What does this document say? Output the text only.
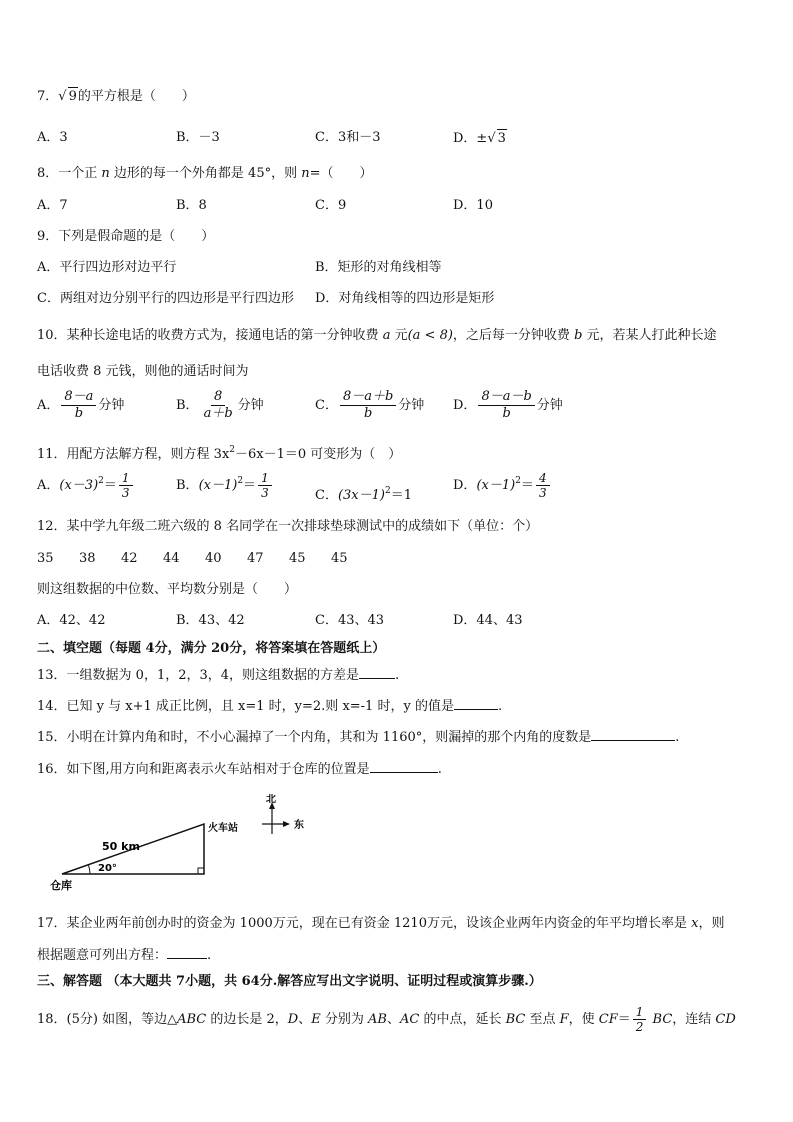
7．√ 9的平方根是（　　）
A．3	B．－3	C．3和－3	D．±√ 3
8．一个正 n 边形的每一个外角都是 45°，则 n=（　　）
A．7	B．8	C．9	D．10
9．下列是假命题的是（　　）
A．平行四边形对边平行	B．矩形的对角线相等
C．两组对边分别平行的四边形是平行四边形 D．对角线相等的四边形是矩形
10．某种长途电话的收费方式为，接通电话的第一分钟收费 a 元(a < 8)，之后每一分钟收费 b 元，若某人打此种长途
电话收费 8 元钱，则他的通话时间为
A． $\frac{8-a}{b}$ 分钟	B． $\frac{8}{a+b}$ 分钟	C． $\frac{8-a+b}{b}$ 分钟 D． $\frac{8-a-b}{b}$ 分钟
11．用配方法解方程，则方程 $3x^2-6x-1=0$ 可变形为（　）
A．$(x-3)^2= \frac{1}{3}$	B．$(x-1)^2= \frac{1}{3}$	C．$(3x-1)^2=1$
D．$(x-1)^2= \frac{4}{3}$
12．某中学九年级二班六级的 8 名同学在一次排球垫球测试中的成绩如下（单位：个）
35 38 42 44 40 47 45 45
则这组数据的中位数、平均数分别是（　　）
A．42、42	B．43、42	C．43、43	D．44、43
二、填空题（每题 4分，满分 20分，将答案填在答题纸上）
13．一组数据为 0，1，2，3，4，则这组数据的方差是	.
14．已知 y 与 x+1 成正比例，且 x=1 时，y=2.则 x=-1 时，y 的值是	.
15．小明在计算内角和时，不小心漏掉了一个内角，其和为 1160°，则漏掉的那个内角的度数是	.
16．如下图,用方向和距离表示火车站相对于仓库的位置是	.
50 km
20°
仓库
火车站
北
东
17．某企业两年前创办时的资金为 1000万元，现在已有资金 1210万元，设该企业两年内资金的年平均增长率是 x，则
根据题意可列出方程：	.
三、解答题 （本大题共 7小题，共 64分.解答应写出文字说明、证明过程或演算步骤.）
18．(5分) 如图，等边△ABC 的边长是 2，D、E 分别为 AB、AC 的中点，延长 BC 至点 F，使 $CF= \frac{1}{2}$ BC，连结 CD
